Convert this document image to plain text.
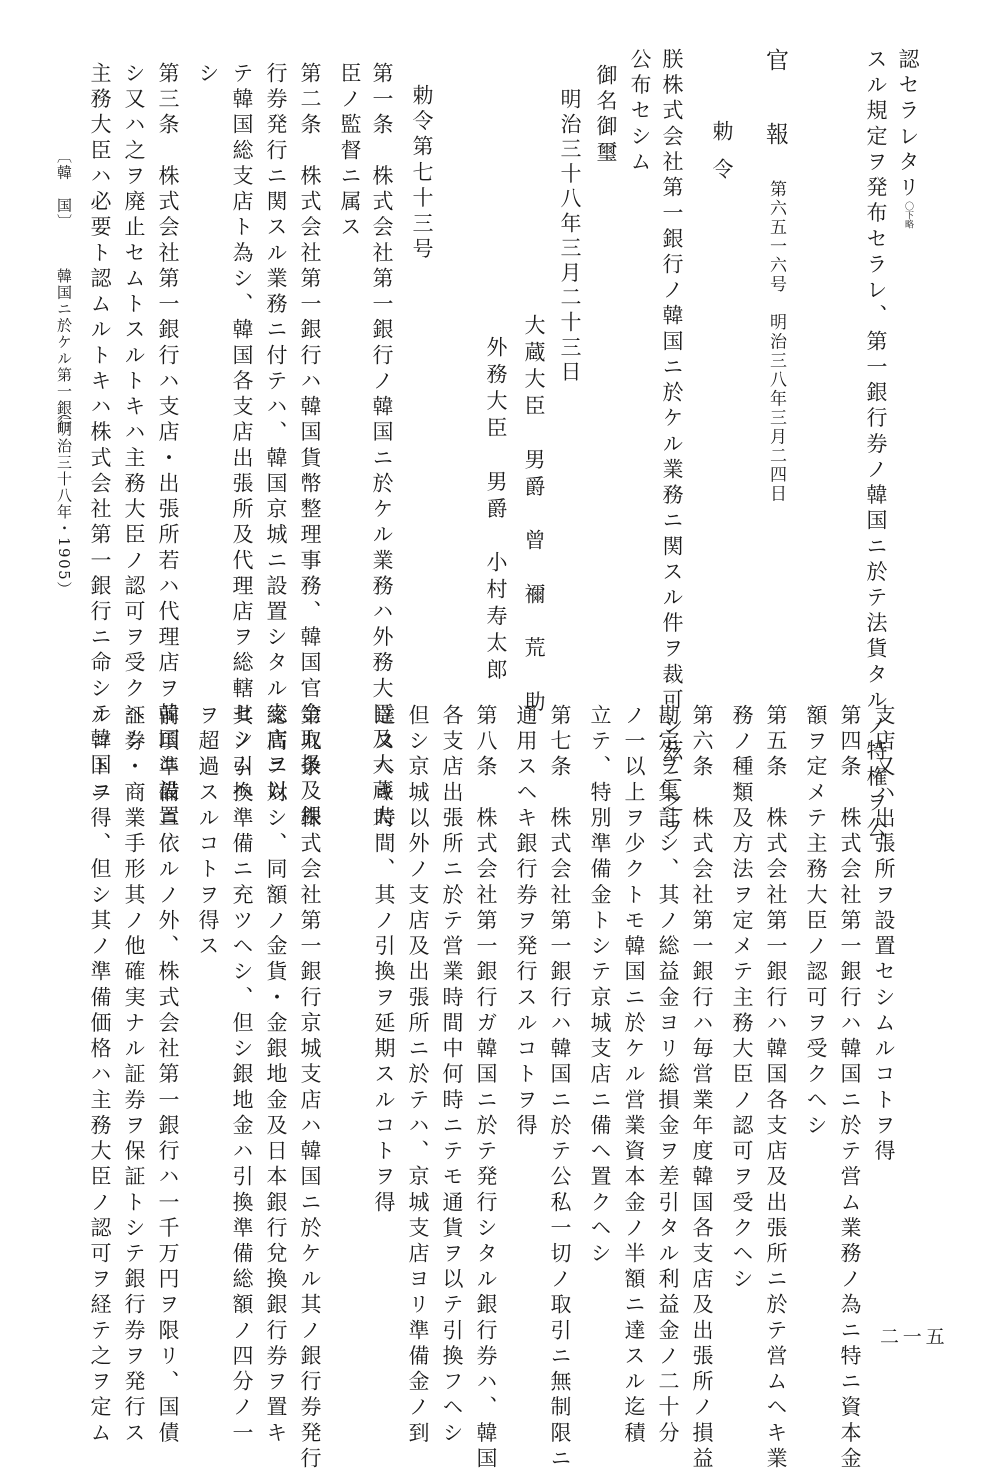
スル規定ヲ発布セラレ、第一銀行券ノ韓国ニ於テ法貨タルノ特権ヲ公 認セラレタリ〇下略
官　報
第六五一六号　明治三八年三月二四日
勅令
朕株式会社第一銀行ノ韓国ニ於ケル業務ニ関スル件ヲ裁可シ茲ニ之ヲ
公布セシム
御名御璽
明治三十八年三月二十三日
大蔵大臣　男爵　曾　禰　荒　助
外務大臣　男爵　小村寿太郎
勅令第七十三号
第一条　株式会社第一銀行ノ韓国ニ於ケル業務ハ外務大臣及大蔵大
臣ノ監督ニ属ス
第二条　株式会社第一銀行ハ韓国貨幣整理事務、韓国官金取扱及銀
行券発行ニ関スル業務ニ付テハ、韓国京城ニ設置シタル支店ヲ以
テ韓国総支店ト為シ、韓国各支店出張所及代理店ヲ総轄セシムヘ
シ
第三条　株式会社第一銀行ハ支店・出張所若ハ代理店ヲ韓国ニ設置
シ又ハ之ヲ廃止セムトスルトキハ主務大臣ノ認可ヲ受クヘシ
主務大臣ハ必要ト認ムルトキハ株式会社第一銀行ニ命シテ韓国ニ
〔韓　国〕
韓国ニ於ケル第一銀行
（明治三十八年・1905）
支店又ハ出張所ヲ設置セシムルコトヲ得
第四条　株式会社第一銀行ハ韓国ニ於テ営ム業務ノ為ニ特ニ資本金
額ヲ定メテ主務大臣ノ認可ヲ受クヘシ
第五条　株式会社第一銀行ハ韓国各支店及出張所ニ於テ営ムヘキ業
務ノ種類及方法ヲ定メテ主務大臣ノ認可ヲ受クヘシ
第六条　株式会社第一銀行ハ毎営業年度韓国各支店及出張所ノ損益
勘定ヲ集計シ、其ノ総益金ヨリ総損金ヲ差引タル利益金ノ二十分
ノ一以上ヲ少クトモ韓国ニ於ケル営業資本金ノ半額ニ達スル迄積
立テ、特別準備金トシテ京城支店ニ備ヘ置クヘシ
第七条　株式会社第一銀行ハ韓国ニ於テ公私一切ノ取引ニ無制限ニ
通用スヘキ銀行券ヲ発行スルコトヲ得
第八条　株式会社第一銀行ガ韓国ニ於テ発行シタル銀行券ハ、韓国
各支店出張所ニ於テ営業時間中何時ニテモ通貨ヲ以テ引換フヘシ
但シ京城以外ノ支店及出張所ニ於テハ、京城支店ヨリ準備金ノ到
達スヘキ時間、其ノ引換ヲ延期スルコトヲ得
第九条　株式会社第一銀行京城支店ハ韓国ニ於ケル其ノ銀行券発行
総高ニ対シ、同額ノ金貨・金銀地金及日本銀行兌換銀行券ヲ置キ
其ノ引換準備ニ充ツヘシ、但シ銀地金ハ引換準備総額ノ四分ノ一
ヲ超過スルコトヲ得ス
前項準備ニ依ルノ外、株式会社第一銀行ハ一千万円ヲ限リ、国債
証券・商業手形其ノ他確実ナル証券ヲ保証トシテ銀行券ヲ発行ス
ルコトヲ得、但シ其ノ準備価格ハ主務大臣ノ認可ヲ経テ之ヲ定ム	二一五
